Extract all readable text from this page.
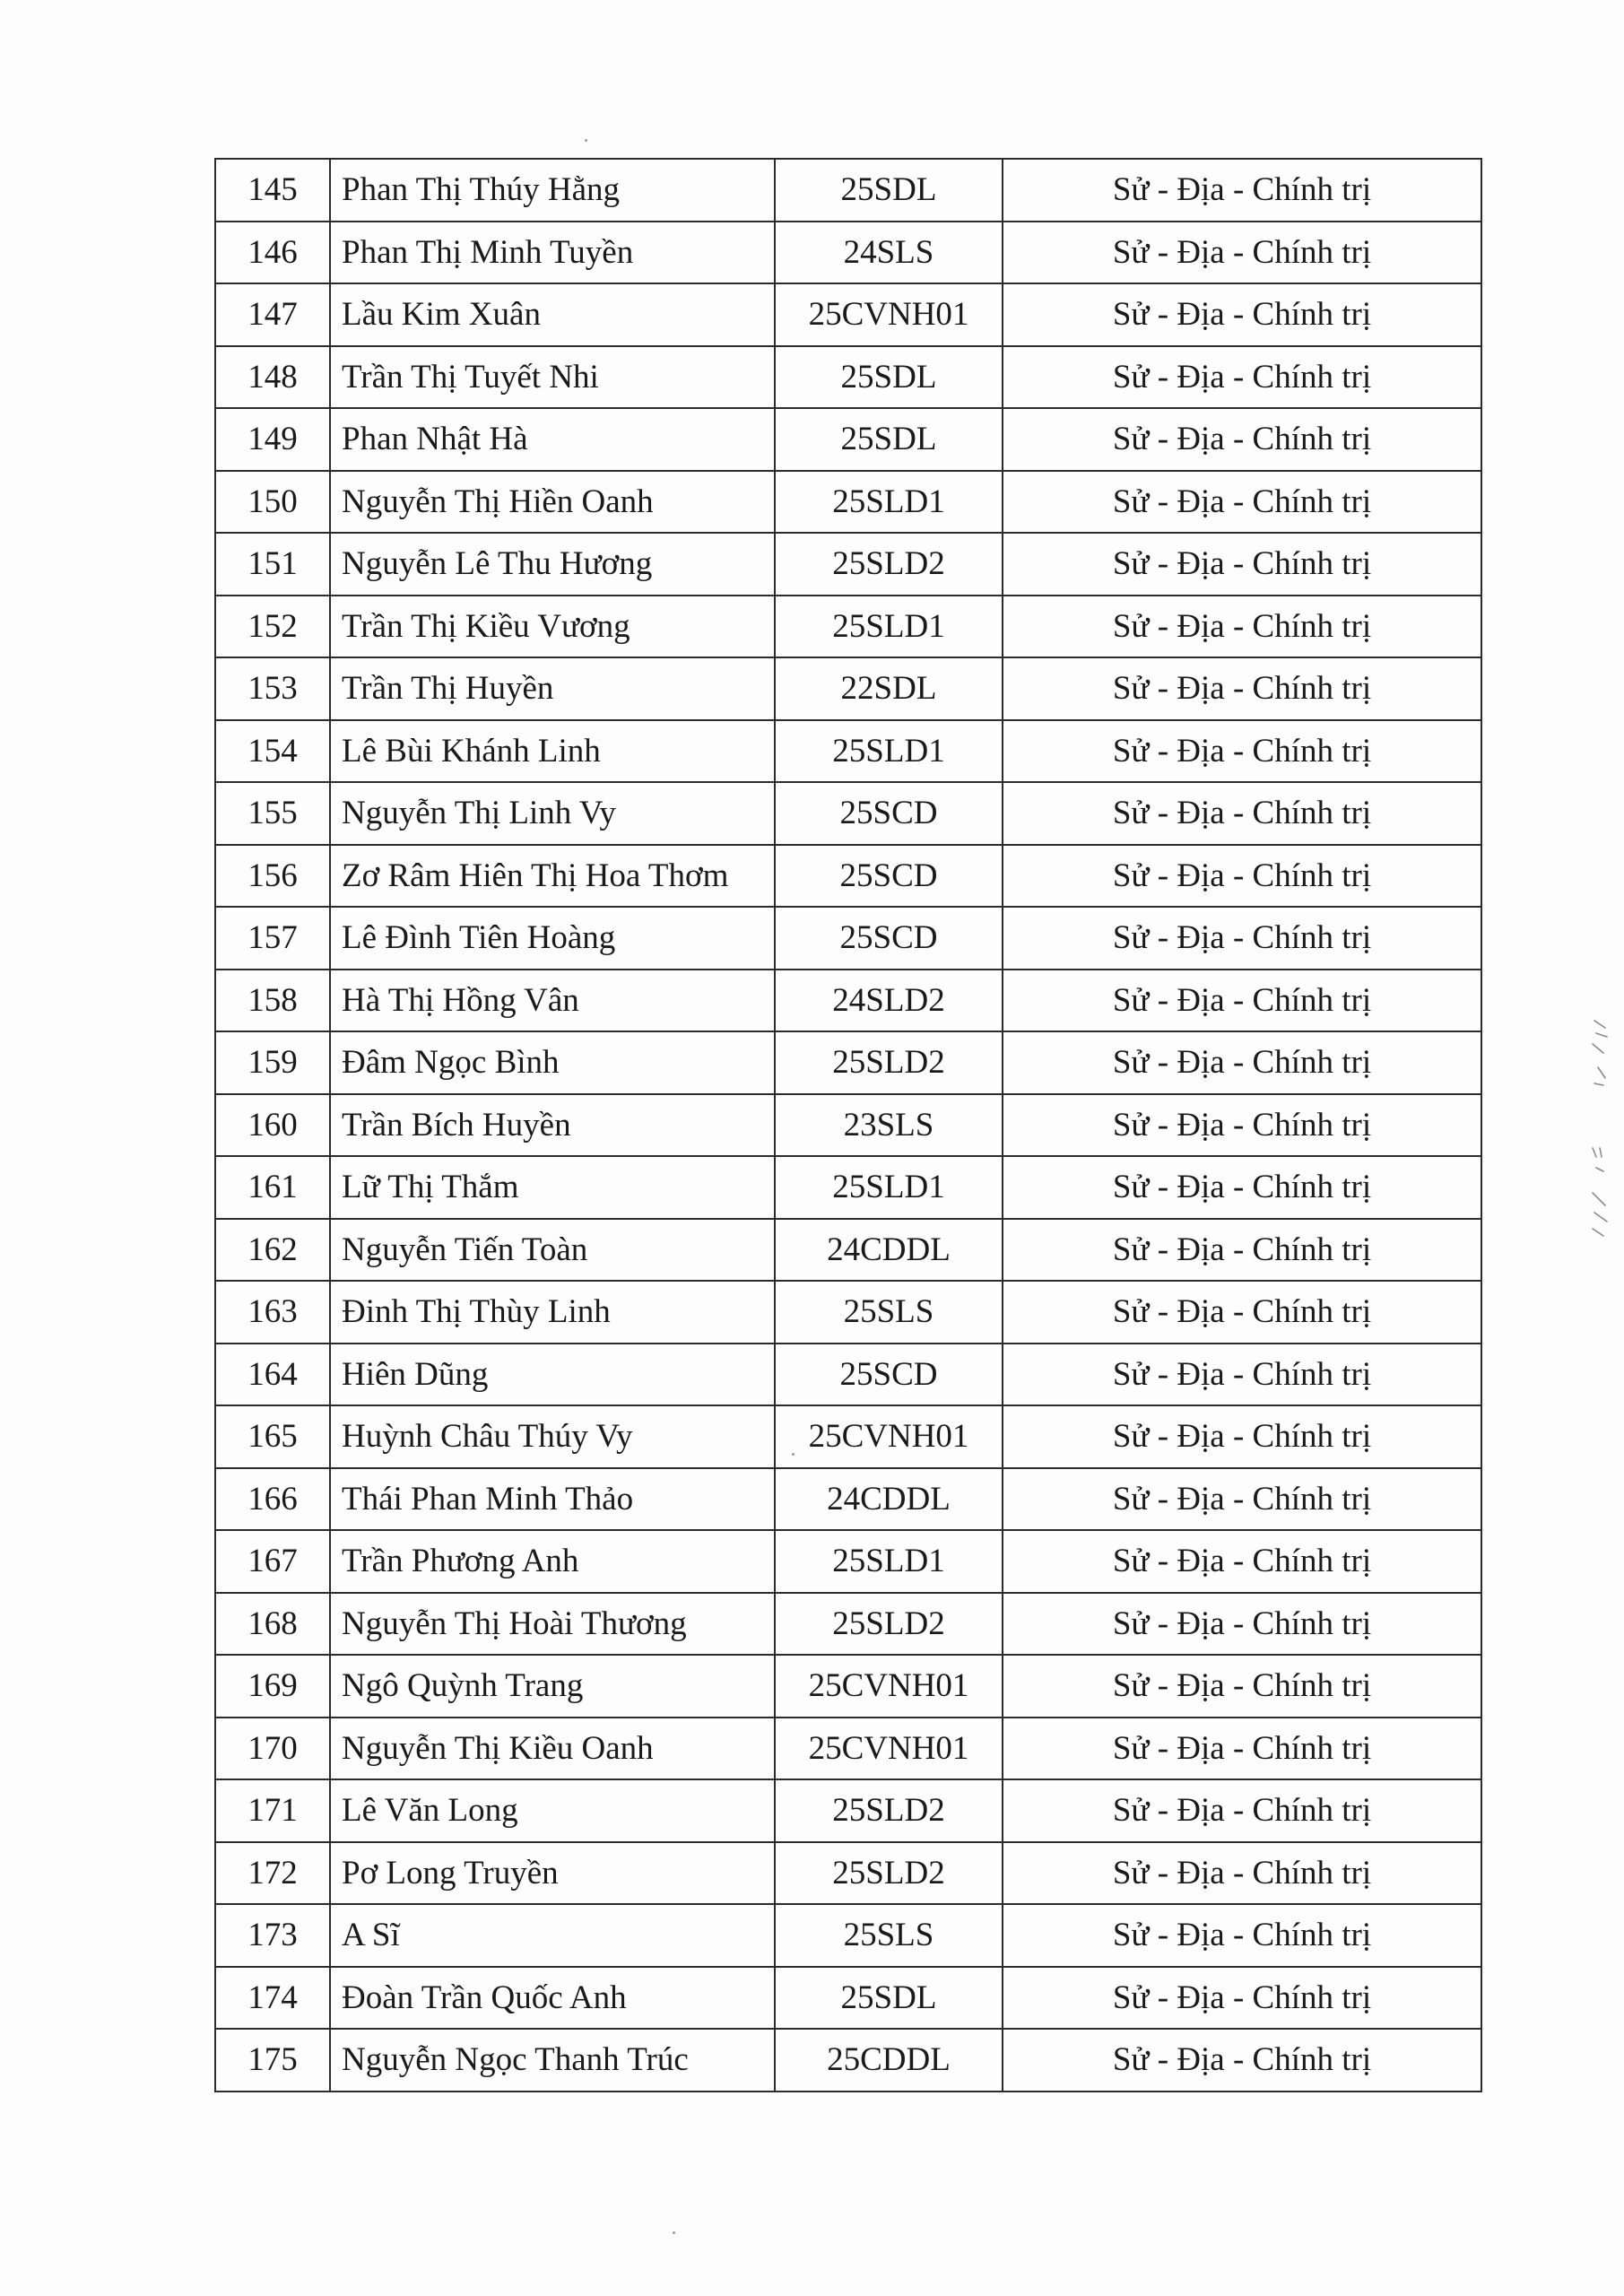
145	Phan Thị Thúy Hằng	25SDL	Sử - Địa - Chính trị
146	Phan Thị Minh Tuyền	24SLS	Sử - Địa - Chính trị
147	Lầu Kim Xuân	25CVNH01	Sử - Địa - Chính trị
148	Trần Thị Tuyết Nhi	25SDL	Sử - Địa - Chính trị
149	Phan Nhật Hà	25SDL	Sử - Địa - Chính trị
150	Nguyễn Thị Hiền Oanh	25SLD1	Sử - Địa - Chính trị
151	Nguyễn Lê Thu Hương	25SLD2	Sử - Địa - Chính trị
152	Trần Thị Kiều Vương	25SLD1	Sử - Địa - Chính trị
153	Trần Thị Huyền	22SDL	Sử - Địa - Chính trị
154	Lê Bùi Khánh Linh	25SLD1	Sử - Địa - Chính trị
155	Nguyễn Thị Linh Vy	25SCD	Sử - Địa - Chính trị
156	Zơ Râm Hiên Thị Hoa Thơm	25SCD	Sử - Địa - Chính trị
157	Lê Đình Tiên Hoàng	25SCD	Sử - Địa - Chính trị
158	Hà Thị Hồng Vân	24SLD2	Sử - Địa - Chính trị
159	Đâm Ngọc Bình	25SLD2	Sử - Địa - Chính trị
160	Trần Bích Huyền	23SLS	Sử - Địa - Chính trị
161	Lữ Thị Thắm	25SLD1	Sử - Địa - Chính trị
162	Nguyễn Tiến Toàn	24CDDL	Sử - Địa - Chính trị
163	Đinh Thị Thùy Linh	25SLS	Sử - Địa - Chính trị
164	Hiên Dũng	25SCD	Sử - Địa - Chính trị
165	Huỳnh Châu Thúy Vy	25CVNH01	Sử - Địa - Chính trị
166	Thái Phan Minh Thảo	24CDDL	Sử - Địa - Chính trị
167	Trần Phương Anh	25SLD1	Sử - Địa - Chính trị
168	Nguyễn Thị Hoài Thương	25SLD2	Sử - Địa - Chính trị
169	Ngô Quỳnh Trang	25CVNH01	Sử - Địa - Chính trị
170	Nguyễn Thị Kiều Oanh	25CVNH01	Sử - Địa - Chính trị
171	Lê Văn Long	25SLD2	Sử - Địa - Chính trị
172	Pơ Long Truyền	25SLD2	Sử - Địa - Chính trị
173	A Sĩ	25SLS	Sử - Địa - Chính trị
174	Đoàn Trần Quốc Anh	25SDL	Sử - Địa - Chính trị
175	Nguyễn Ngọc Thanh Trúc	25CDDL	Sử - Địa - Chính trị
